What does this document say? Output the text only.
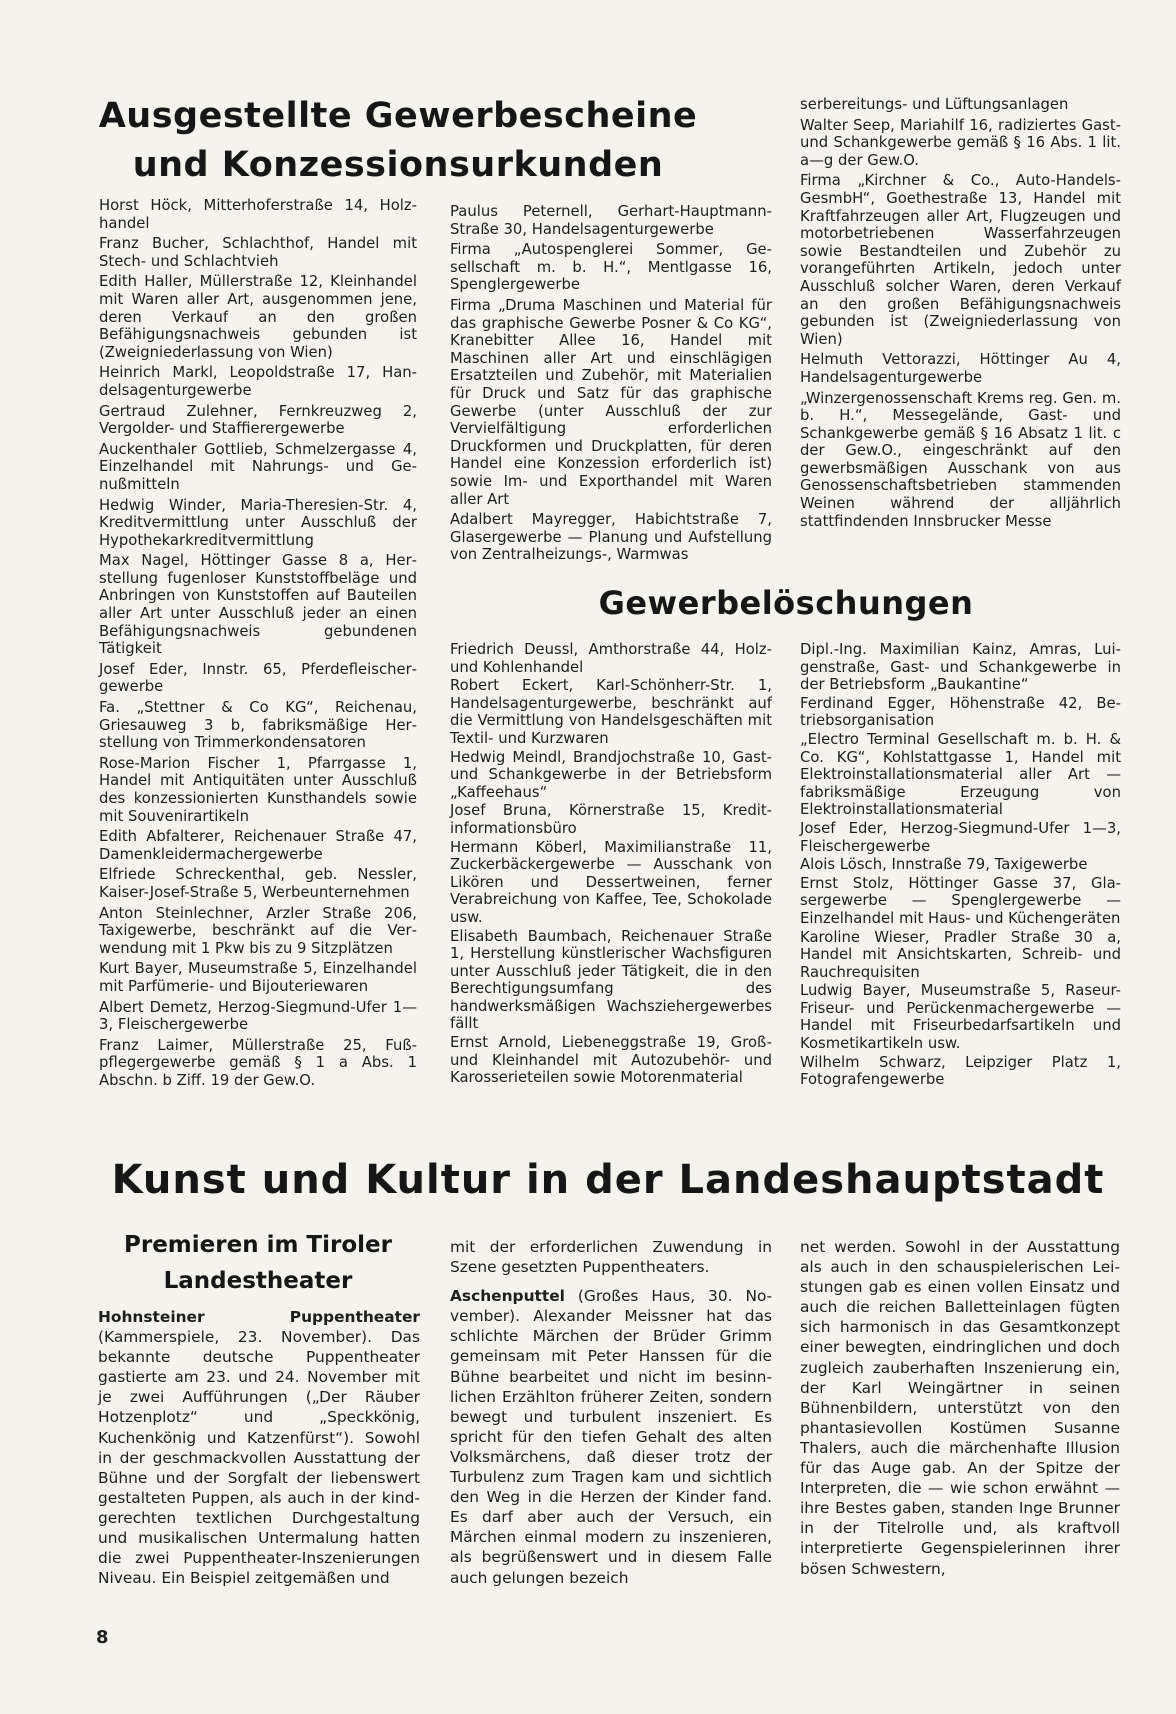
Ausgestellte Gewerbescheine

und Konzessionsurkunden

Horst Höck, Mitterhoferstraße 14, Holzhandel

Franz Bucher, Schlachthof, Handel mit Stech- und Schlachtvieh

Edith Haller, Müllerstraße 12, Kleinhandel mit Waren aller Art, ausgenommen jene, deren Verkauf an den großen Befähigungsnachweis gebunden ist (Zweigniederlassung von Wien)

Heinrich Markl, Leopoldstraße 17, Handelsagenturgewerbe

Gertraud Zulehner, Fernkreuzweg 2, Vergolder- und Staffierergewerbe

Auckenthaler Gottlieb, Schmelzergasse 4, Einzelhandel mit Nahrungs- und Genußmitteln

Hedwig Winder, Maria-Theresien-Str. 4, Kreditvermittlung unter Ausschluß der Hypothekarkreditvermittlung

Max Nagel, Höttinger Gasse 8 a, Herstellung fugenloser Kunststoffbeläge und Anbringen von Kunststoffen auf Bauteilen aller Art unter Ausschluß jeder an einen Befähigungsnachweis gebundenen Tätigkeit

Josef Eder, Innstr. 65, Pferdefleischergewerbe

Fa. „Stettner & Co KG“, Reichenau, Griesauweg 3 b, fabriksmäßige Herstellung von Trimmerkondensatoren

Rose-Marion Fischer 1, Pfarrgasse 1, Handel mit Antiquitäten unter Ausschluß des konzessionierten Kunsthandels sowie mit Souvenirartikeln

Edith Abfalterer, Reichenauer Straße 47, Damenkleidermachergewerbe

Elfriede Schreckenthal, geb. Nessler, Kaiser-Josef-Straße 5, Werbeunternehmen

Anton Steinlechner, Arzler Straße 206, Taxigewerbe, beschränkt auf die Verwendung mit 1 Pkw bis zu 9 Sitzplätzen

Kurt Bayer, Museumstraße 5, Einzelhandel mit Parfümerie- und Bijouteriewaren

Albert Demetz, Herzog-Siegmund-Ufer 1—3, Fleischergewerbe

Franz Laimer, Müllerstraße 25, Fußpflegergewerbe gemäß § 1 a Abs. 1 Abschn. b Ziff. 19 der Gew.O.

Paulus Peternell, Gerhart-Hauptmann-Straße 30, Handelsagenturgewerbe

Firma „Autospenglerei Sommer, Gesellschaft m. b. H.“, Mentlgasse 16, Spenglergewerbe

Firma „Druma Maschinen und Material für das graphische Gewerbe Posner & Co KG“, Kranebitter Allee 16, Handel mit Maschinen aller Art und einschlägigen Ersatzteilen und Zubehör, mit Materialien für Druck und Satz für das graphische Gewerbe (unter Ausschluß der zur Vervielfältigung erforderlichen Druckformen und Druckplatten, für deren Handel eine Konzession erforderlich ist) sowie Im- und Exporthandel mit Waren aller Art

Adalbert Mayregger, Habichtstraße 7, Glasergewerbe — Planung und Aufstellung von Zentralheizungs-, Warmwas

serbereitungs- und Lüftungsanlagen

Walter Seep, Mariahilf 16, radiziertes Gast- und Schankgewerbe gemäß § 16 Abs. 1 lit. a—g der Gew.O.

Firma „Kirchner & Co., Auto-Handels-GesmbH“, Goethestraße 13, Handel mit Kraftfahrzeugen aller Art, Flugzeugen und motorbetriebenen Wasserfahrzeugen sowie Bestandteilen und Zubehör zu vorangeführten Artikeln, jedoch unter Ausschluß solcher Waren, deren Verkauf an den großen Befähigungsnachweis gebunden ist (Zweigniederlassung von Wien)

Helmuth Vettorazzi, Höttinger Au 4, Handelsagenturgewerbe

„Winzergenossenschaft Krems reg. Gen. m. b. H.“, Messegelände, Gast- und Schankgewerbe gemäß § 16 Absatz 1 lit. c der Gew.O., eingeschränkt auf den gewerbsmäßigen Ausschank von aus Genossenschaftsbetrieben stammenden Weinen während der alljährlich stattfindenden Innsbrucker Messe

Gewerbelöschungen

Friedrich Deussl, Amthorstraße 44, Holz- und Kohlenhandel

Robert Eckert, Karl-Schönherr-Str. 1, Handelsagenturgewerbe, beschränkt auf die Vermittlung von Handelsgeschäften mit Textil- und Kurzwaren

Hedwig Meindl, Brandjochstraße 10, Gast- und Schankgewerbe in der Betriebsform „Kaffeehaus“

Josef Bruna, Körnerstraße 15, Kreditinformationsbüro

Hermann Köberl, Maximilianstraße 11, Zuckerbäckergewerbe — Ausschank von Likören und Dessertweinen, ferner Verabreichung von Kaffee, Tee, Schokolade usw.

Elisabeth Baumbach, Reichenauer Straße 1, Herstellung künstlerischer Wachsfiguren unter Ausschluß jeder Tätigkeit, die in den Berechtigungsumfang des handwerksmäßigen Wachsziehergewerbes fällt

Ernst Arnold, Liebeneggstraße 19, Groß- und Kleinhandel mit Autozubehör- und Karosserieteilen sowie Motorenmaterial

Dipl.-Ing. Maximilian Kainz, Amras, Luigenstraße, Gast- und Schankgewerbe in der Betriebsform „Baukantine“

Ferdinand Egger, Höhenstraße 42, Betriebsorganisation

„Electro Terminal Gesellschaft m. b. H. & Co. KG“, Kohlstattgasse 1, Handel mit Elektroinstallationsmaterial aller Art — fabriksmäßige Erzeugung von Elektroinstallationsmaterial

Josef Eder, Herzog-Siegmund-Ufer 1—3, Fleischergewerbe

Alois Lösch, Innstraße 79, Taxigewerbe

Ernst Stolz, Höttinger Gasse 37, Glasergewerbe — Spenglergewerbe — Einzelhandel mit Haus- und Küchengeräten

Karoline Wieser, Pradler Straße 30 a, Handel mit Ansichtskarten, Schreib- und Rauchrequisiten

Ludwig Bayer, Museumstraße 5, Raseur-Friseur- und Perückenmachergewerbe — Handel mit Friseurbedarfsartikeln und Kosmetikartikeln usw.

Wilhelm Schwarz, Leipziger Platz 1, Fotografengewerbe

Kunst und Kultur in der Landeshauptstadt

Premieren im Tiroler

Landestheater

Hohnsteiner Puppentheater (Kammerspiele, 23. November). Das bekannte deutsche Puppentheater gastierte am 23. und 24. November mit je zwei Aufführungen („Der Räuber Hotzenplotz“ und „Speckkönig, Kuchenkönig und Katzenfürst“). Sowohl in der geschmackvollen Ausstattung der Bühne und der Sorgfalt der liebenswert gestalteten Puppen, als auch in der kindgerechten textlichen Durchgestaltung und musikalischen Untermalung hatten die zwei Puppentheater-Inszenierungen Niveau. Ein Beispiel zeitgemäßen und

mit der erforderlichen Zuwendung in Szene gesetzten Puppentheaters.

Aschenputtel (Großes Haus, 30. November). Alexander Meissner hat das schlichte Märchen der Brüder Grimm gemeinsam mit Peter Hanssen für die Bühne bearbeitet und nicht im besinnlichen Erzählton früherer Zeiten, sondern bewegt und turbulent inszeniert. Es spricht für den tiefen Gehalt des alten Volksmärchens, daß dieser trotz der Turbulenz zum Tragen kam und sichtlich den Weg in die Herzen der Kinder fand. Es darf aber auch der Versuch, ein Märchen einmal modern zu inszenieren, als begrüßenswert und in diesem Falle auch gelungen bezeich

net werden. Sowohl in der Ausstattung als auch in den schauspielerischen Leistungen gab es einen vollen Einsatz und auch die reichen Balletteinlagen fügten sich harmonisch in das Gesamtkonzept einer bewegten, eindringlichen und doch zugleich zauberhaften Inszenierung ein, der Karl Weingärtner in seinen Bühnenbildern, unterstützt von den phantasievollen Kostümen Susanne Thalers, auch die märchenhafte Illusion für das Auge gab. An der Spitze der Interpreten, die — wie schon erwähnt — ihre Bestes gaben, standen Inge Brunner in der Titelrolle und, als kraftvoll interpretierte Gegenspielerinnen ihrer bösen Schwestern,

8
